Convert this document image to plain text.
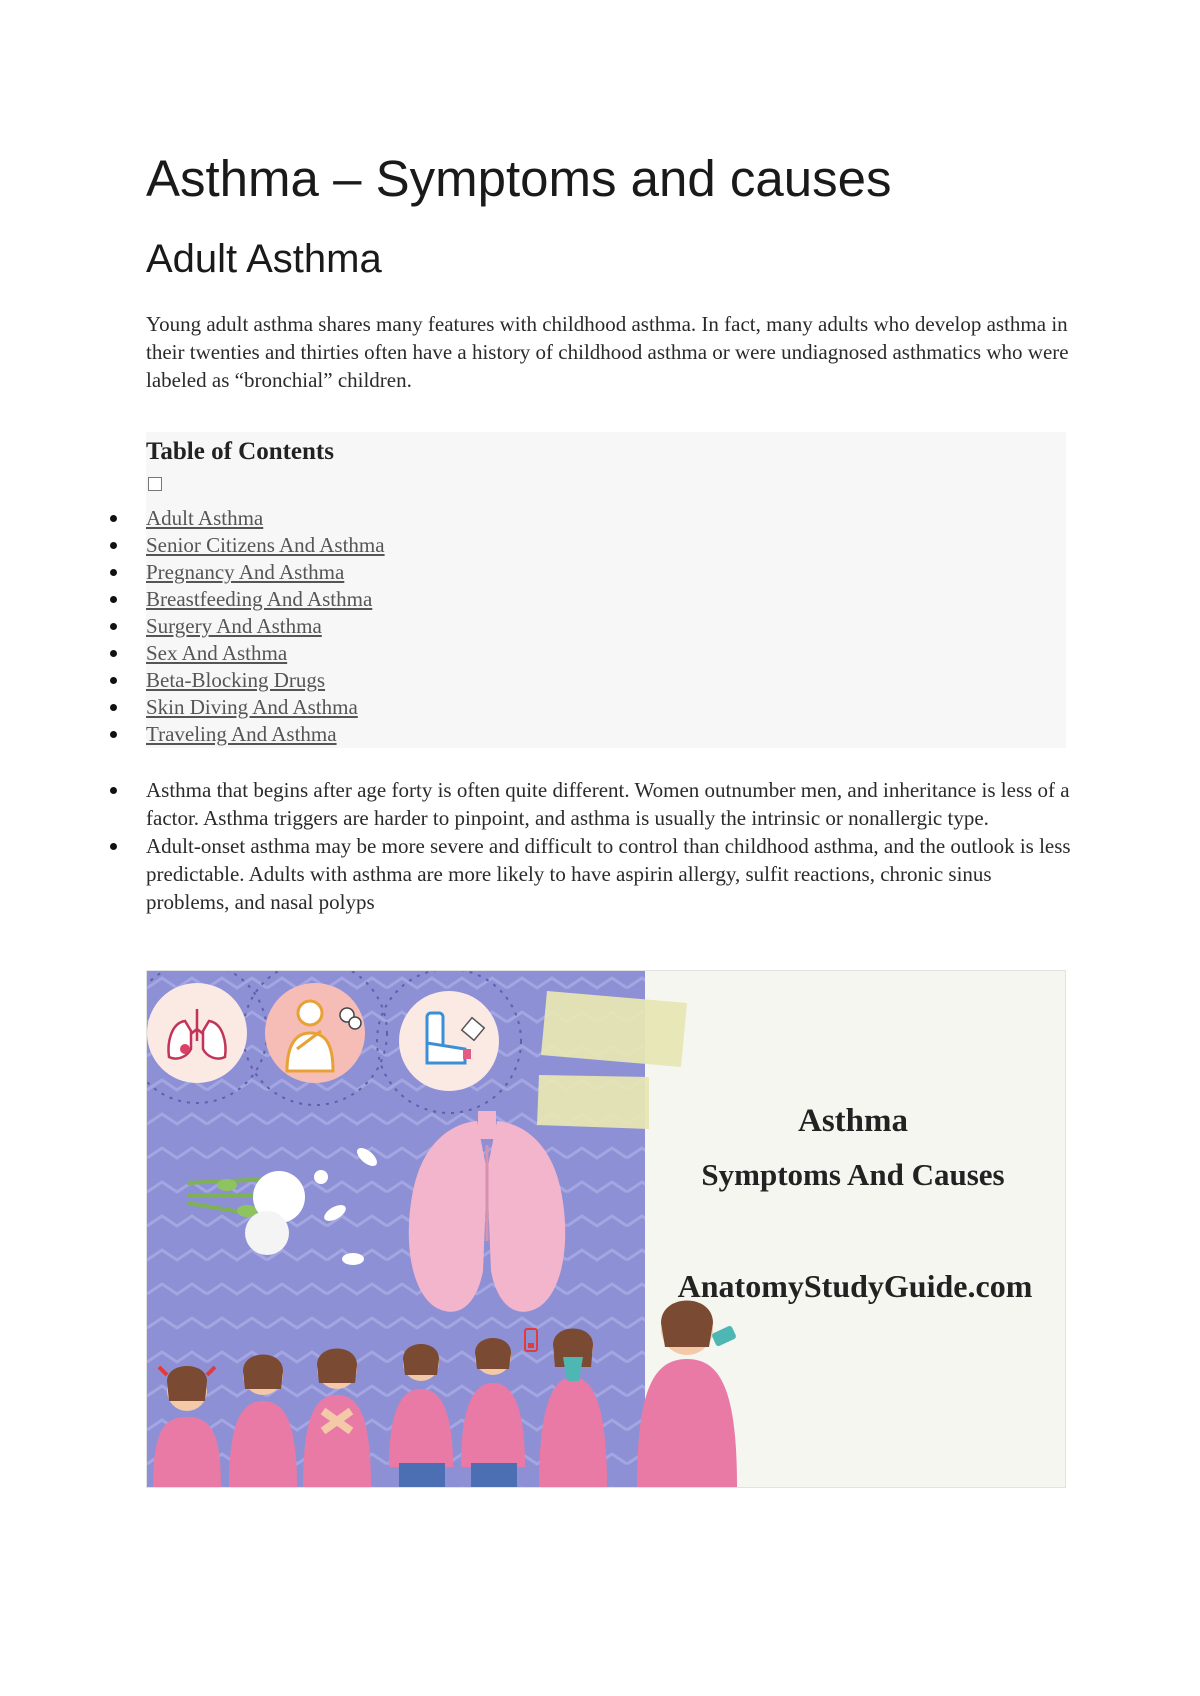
Asthma – Symptoms and causes
Adult Asthma

Young adult asthma shares many features with childhood asthma. In fact, many adults who develop asthma in their twenties and thirties often have a history of childhood asthma or were undiagnosed asthmatics who were labeled as “bronchial” children.

Table of Contents
Adult Asthma
Senior Citizens And Asthma
Pregnancy And Asthma
Breastfeeding And Asthma
Surgery And Asthma
Sex And Asthma
Beta-Blocking Drugs
Skin Diving And Asthma
Traveling And Asthma
Asthma that begins after age forty is often quite different. Women outnumber men, and inheritance is less of a factor. Asthma triggers are harder to pinpoint, and asthma is usually the intrinsic or nonallergic type.
Adult-onset asthma may be more severe and difficult to control than childhood asthma, and the outlook is less predictable. Adults with asthma are more likely to have aspirin allergy, sulfit reactions, chronic sinus problems, and nasal polyps
Asthma
Symptoms And Causes
AnatomyStudyGuide.com
